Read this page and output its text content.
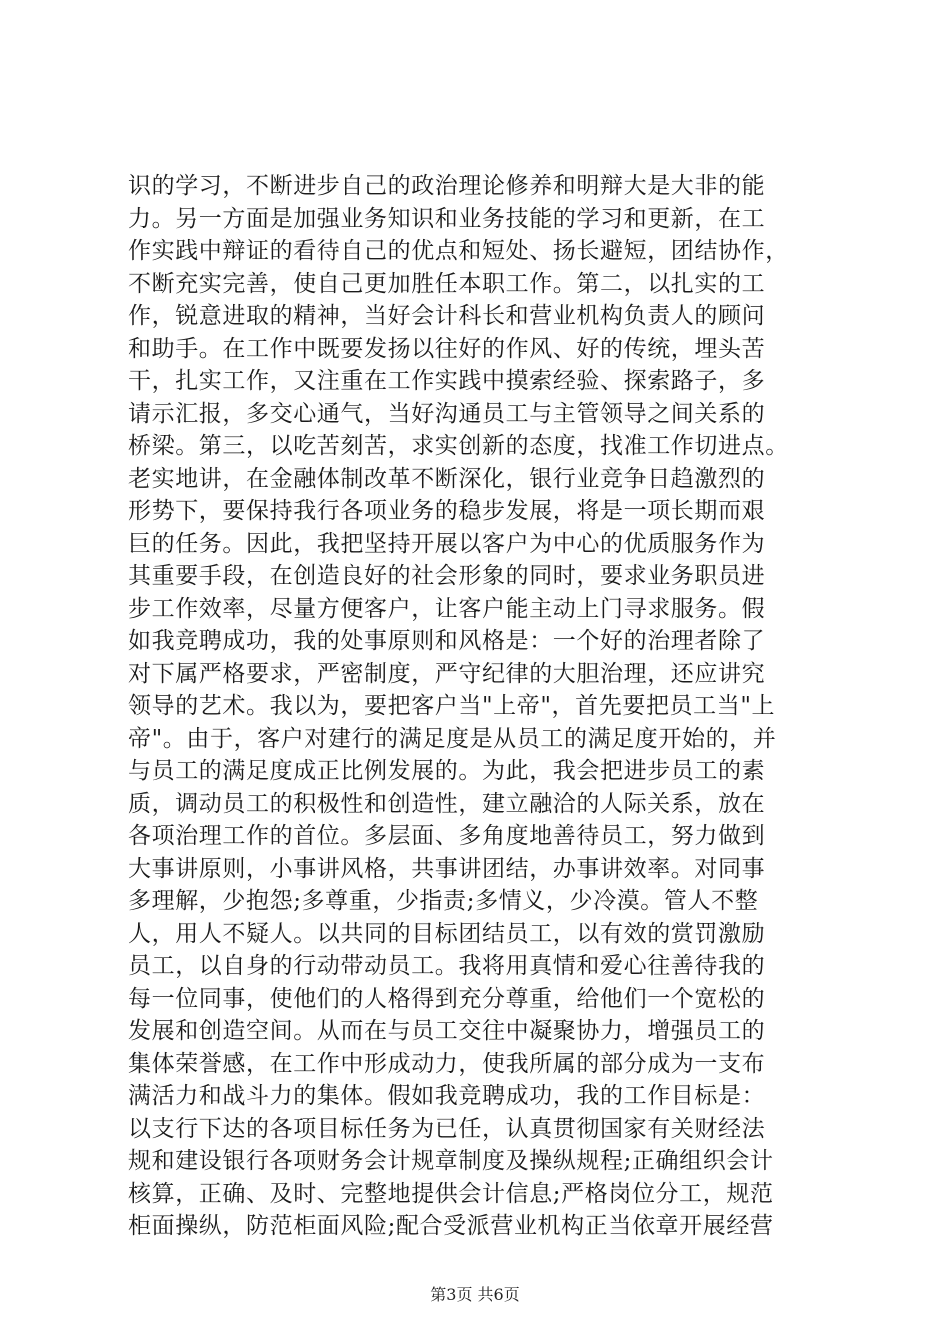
识的学习，不断进步自己的政治理论修养和明辩大是大非的能
力。另一方面是加强业务知识和业务技能的学习和更新，在工
作实践中辩证的看待自己的优点和短处、扬长避短，团结协作，
不断充实完善，使自己更加胜任本职工作。第二，以扎实的工
作，锐意进取的精神，当好会计科长和营业机构负责人的顾问
和助手。在工作中既要发扬以往好的作风、好的传统，埋头苦
干，扎实工作，又注重在工作实践中摸索经验、探索路子，多
请示汇报，多交心通气，当好沟通员工与主管领导之间关系的
桥梁。第三，以吃苦刻苦，求实创新的态度，找准工作切进点。
老实地讲，在金融体制改革不断深化，银行业竞争日趋激烈的
形势下，要保持我行各项业务的稳步发展，将是一项长期而艰
巨的任务。因此，我把坚持开展以客户为中心的优质服务作为
其重要手段，在创造良好的社会形象的同时，要求业务职员进
步工作效率，尽量方便客户，让客户能主动上门寻求服务。假
如我竞聘成功，我的处事原则和风格是：一个好的治理者除了
对下属严格要求，严密制度，严守纪律的大胆治理，还应讲究
领导的艺术。我以为，要把客户当"上帝"，首先要把员工当"上
帝"。由于，客户对建行的满足度是从员工的满足度开始的，并
与员工的满足度成正比例发展的。为此，我会把进步员工的素
质，调动员工的积极性和创造性，建立融洽的人际关系，放在
各项治理工作的首位。多层面、多角度地善待员工，努力做到
大事讲原则，小事讲风格，共事讲团结，办事讲效率。对同事
多理解，少抱怨;多尊重，少指责;多情义，少冷漠。管人不整
人，用人不疑人。以共同的目标团结员工，以有效的赏罚激励
员工，以自身的行动带动员工。我将用真情和爱心往善待我的
每一位同事，使他们的人格得到充分尊重，给他们一个宽松的
发展和创造空间。从而在与员工交往中凝聚协力，增强员工的
集体荣誉感，在工作中形成动力，使我所属的部分成为一支布
满活力和战斗力的集体。假如我竞聘成功，我的工作目标是：
以支行下达的各项目标任务为已任，认真贯彻国家有关财经法
规和建设银行各项财务会计规章制度及操纵规程;正确组织会计
核算，正确、及时、完整地提供会计信息;严格岗位分工，规范
柜面操纵，防范柜面风险;配合受派营业机构正当依章开展经营
第3页 共6页
